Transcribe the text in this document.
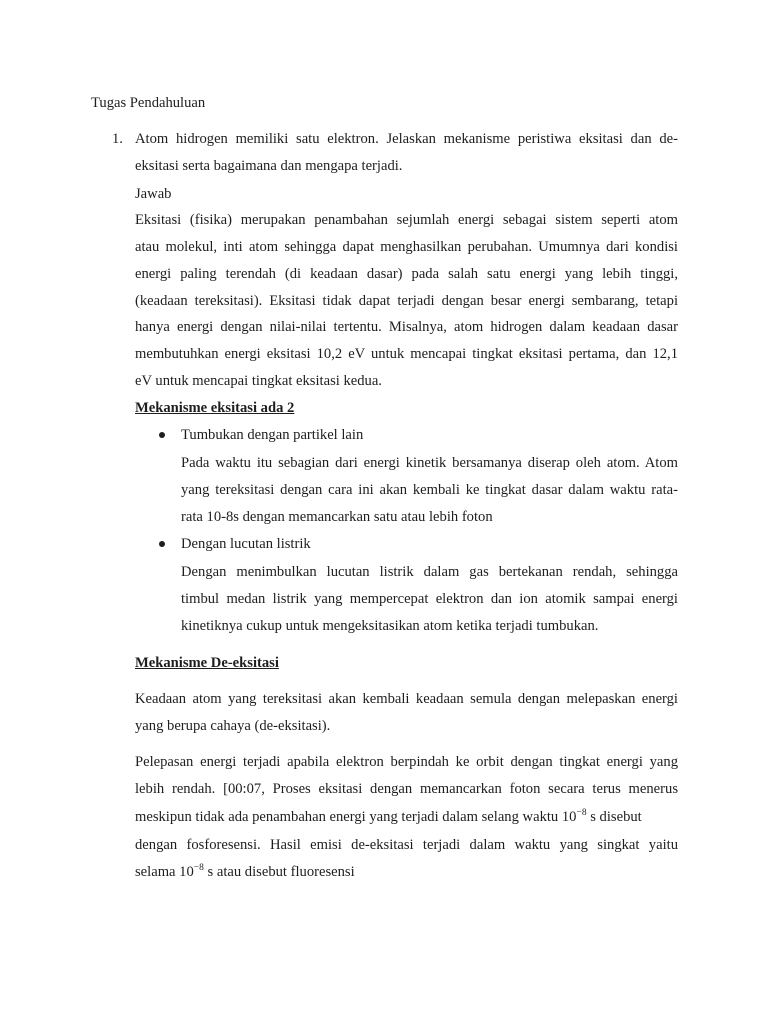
Tugas Pendahuluan
1. Atom hidrogen memiliki satu elektron. Jelaskan mekanisme peristiwa eksitasi dan de-
eksitasi serta bagaimana dan mengapa terjadi.
Jawab
Eksitasi (fisika) merupakan penambahan sejumlah energi sebagai sistem seperti atom
atau molekul, inti atom sehingga dapat menghasilkan perubahan. Umumnya dari kondisi
energi paling terendah (di keadaan dasar) pada salah satu energi yang lebih tinggi,
(keadaan tereksitasi). Eksitasi tidak dapat terjadi dengan besar energi sembarang, tetapi
hanya energi dengan nilai-nilai tertentu. Misalnya, atom hidrogen dalam keadaan dasar
membutuhkan energi eksitasi 10,2 eV untuk mencapai tingkat eksitasi pertama, dan 12,1
eV untuk mencapai tingkat eksitasi kedua.
Mekanisme eksitasi ada 2
Tumbukan dengan partikel lain
Pada waktu itu sebagian dari energi kinetik bersamanya diserap oleh atom. Atom
yang tereksitasi dengan cara ini akan kembali ke tingkat dasar dalam waktu rata-
rata 10-8s dengan memancarkan satu atau lebih foton
Dengan lucutan listrik
Dengan menimbulkan lucutan listrik dalam gas bertekanan rendah, sehingga
timbul medan listrik yang mempercepat elektron dan ion atomik sampai energi
kinetiknya cukup untuk mengeksitasikan atom ketika terjadi tumbukan.
Mekanisme De-eksitasi
Keadaan atom yang tereksitasi akan kembali keadaan semula dengan melepaskan energi
yang berupa cahaya (de-eksitasi).
Pelepasan energi terjadi apabila elektron berpindah ke orbit dengan tingkat energi yang
lebih rendah. [00:07, Proses eksitasi dengan memancarkan foton secara terus menerus
meskipun tidak ada penambahan energi yang terjadi dalam selang waktu $10^{-8}$ s disebut
dengan fosforesensi. Hasil emisi de-eksitasi terjadi dalam waktu yang singkat yaitu
selama $10^{-8}$ s atau disebut fluoresensi
